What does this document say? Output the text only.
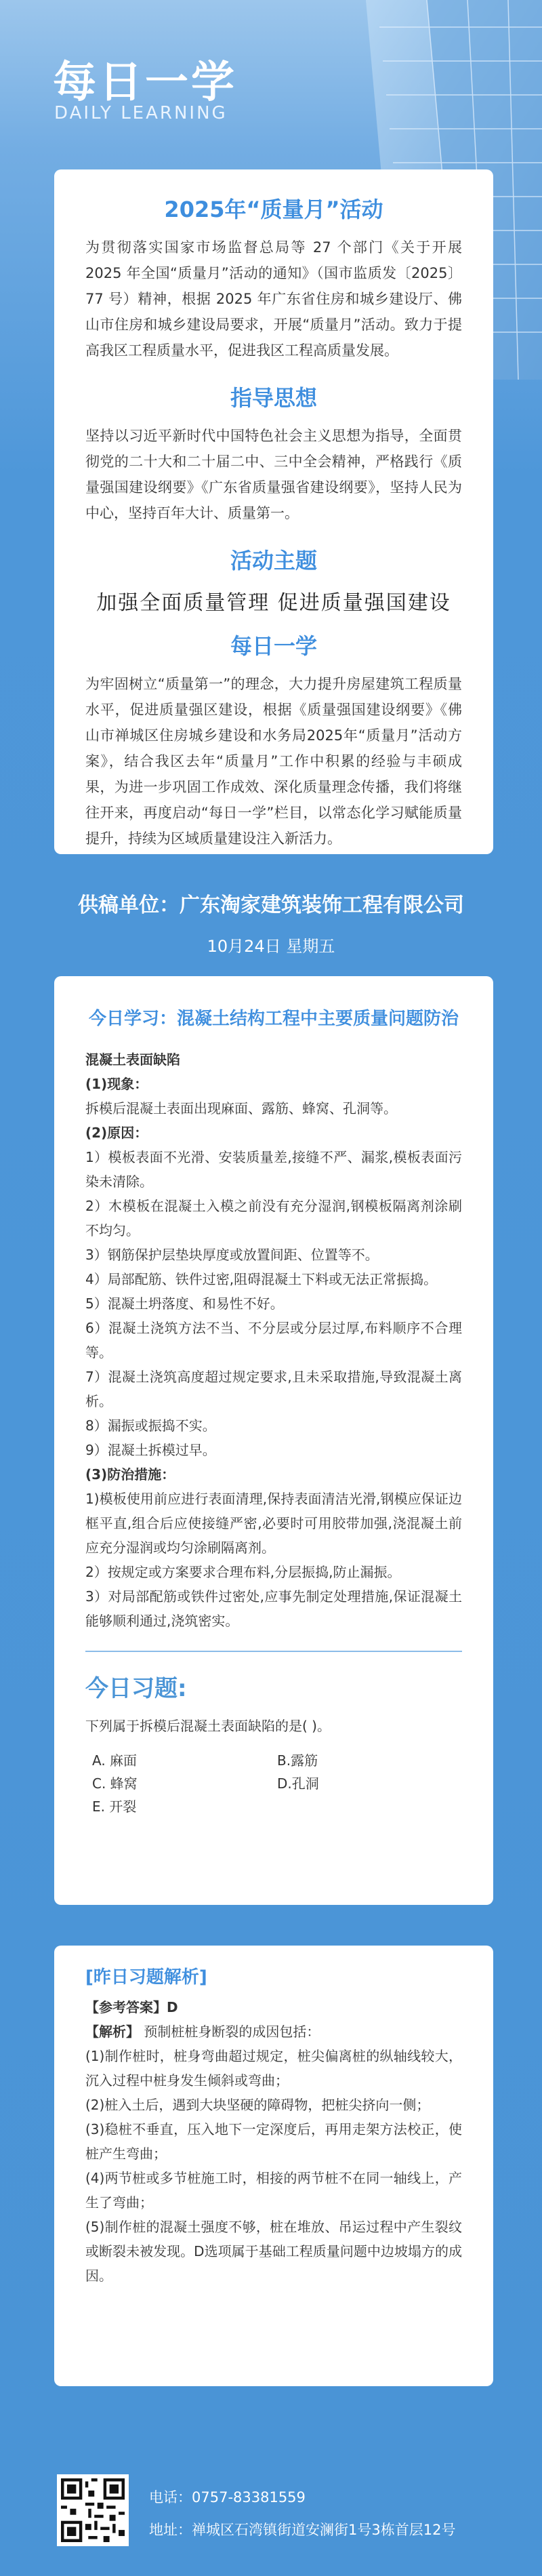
每日一学
DAILY LEARNING
2025年“质量月”活动
为贯彻落实国家市场监督总局等 27 个部门《关于开展 2025 年全国“质量月”活动的通知》（国市监质发〔2025〕77 号）精神，根据 2025 年广东省住房和城乡建设厅、佛山市住房和城乡建设局要求，开展“质量月”活动。致力于提高我区工程质量水平，促进我区工程高质量发展。
指导思想
坚持以习近平新时代中国特色社会主义思想为指导，全面贯彻党的二十大和二十届二中、三中全会精神，严格践行《质量强国建设纲要》《广东省质量强省建设纲要》，坚持人民为中心，坚持百年大计、质量第一。
活动主题
加强全面质量管理 促进质量强国建设
每日一学
为牢固树立“质量第一”的理念，大力提升房屋建筑工程质量水平，促进质量强区建设，根据《质量强国建设纲要》《佛山市禅城区住房城乡建设和水务局2025年“质量月”活动方案》，结合我区去年“质量月”工作中积累的经验与丰硕成果，为进一步巩固工作成效、深化质量理念传播，我们将继往开来，再度启动“每日一学”栏目，以常态化学习赋能质量提升，持续为区域质量建设注入新活力。
供稿单位：广东淘家建筑装饰工程有限公司
10月24日 星期五
今日学习：混凝土结构工程中主要质量问题防治
混凝土表面缺陷
(1)现象：
拆模后混凝土表面出现麻面、露筋、蜂窝、孔洞等。
(2)原因：
1）模板表面不光滑、安装质量差,接缝不严、漏浆,模板表面污染未清除。
2）木模板在混凝土入模之前没有充分湿润,钢模板隔离剂涂刷不均匀。
3）钢筋保护层垫块厚度或放置间距、位置等不。
4）局部配筋、铁件过密,阻碍混凝土下料或无法正常振捣。
5）混凝土坍落度、和易性不好。
6）混凝土浇筑方法不当、不分层或分层过厚,布料顺序不合理等。
7）混凝土浇筑高度超过规定要求,且未采取措施,导致混凝土离析。
8）漏振或振捣不实。
9）混凝土拆模过早。
(3)防治措施：
1)模板使用前应进行表面清理,保持表面清洁光滑,钢模应保证边框平直,组合后应使接缝严密,必要时可用胶带加强,浇混凝土前应充分湿润或均匀涂刷隔离剂。
2）按规定或方案要求合理布料,分层振捣,防止漏振。
3）对局部配筋或铁件过密处,应事先制定处理措施,保证混凝土能够顺利通过,浇筑密实。
今日习题:
下列属于拆模后混凝土表面缺陷的是( )。
A. 麻面	B.露筋
C. 蜂窝	D.孔洞
E. 开裂
[昨日习题解析]
【参考答案】D
【解析】 预制桩桩身断裂的成因包括：
(1)制作桩时，桩身弯曲超过规定，桩尖偏离桩的纵轴线较大，沉入过程中桩身发生倾斜或弯曲；
(2)桩入土后，遇到大块坚硬的障碍物，把桩尖挤向一侧；
(3)稳桩不垂直，压入地下一定深度后，再用走架方法校正，使桩产生弯曲；
(4)两节桩或多节桩施工时，相接的两节桩不在同一轴线上，产生了弯曲；
(5)制作桩的混凝土强度不够，桩在堆放、吊运过程中产生裂纹或断裂未被发现。D选项属于基础工程质量问题中边坡塌方的成因。
电话：0757-83381559
地址：禅城区石湾镇街道安澜街1号3栋首层12号
